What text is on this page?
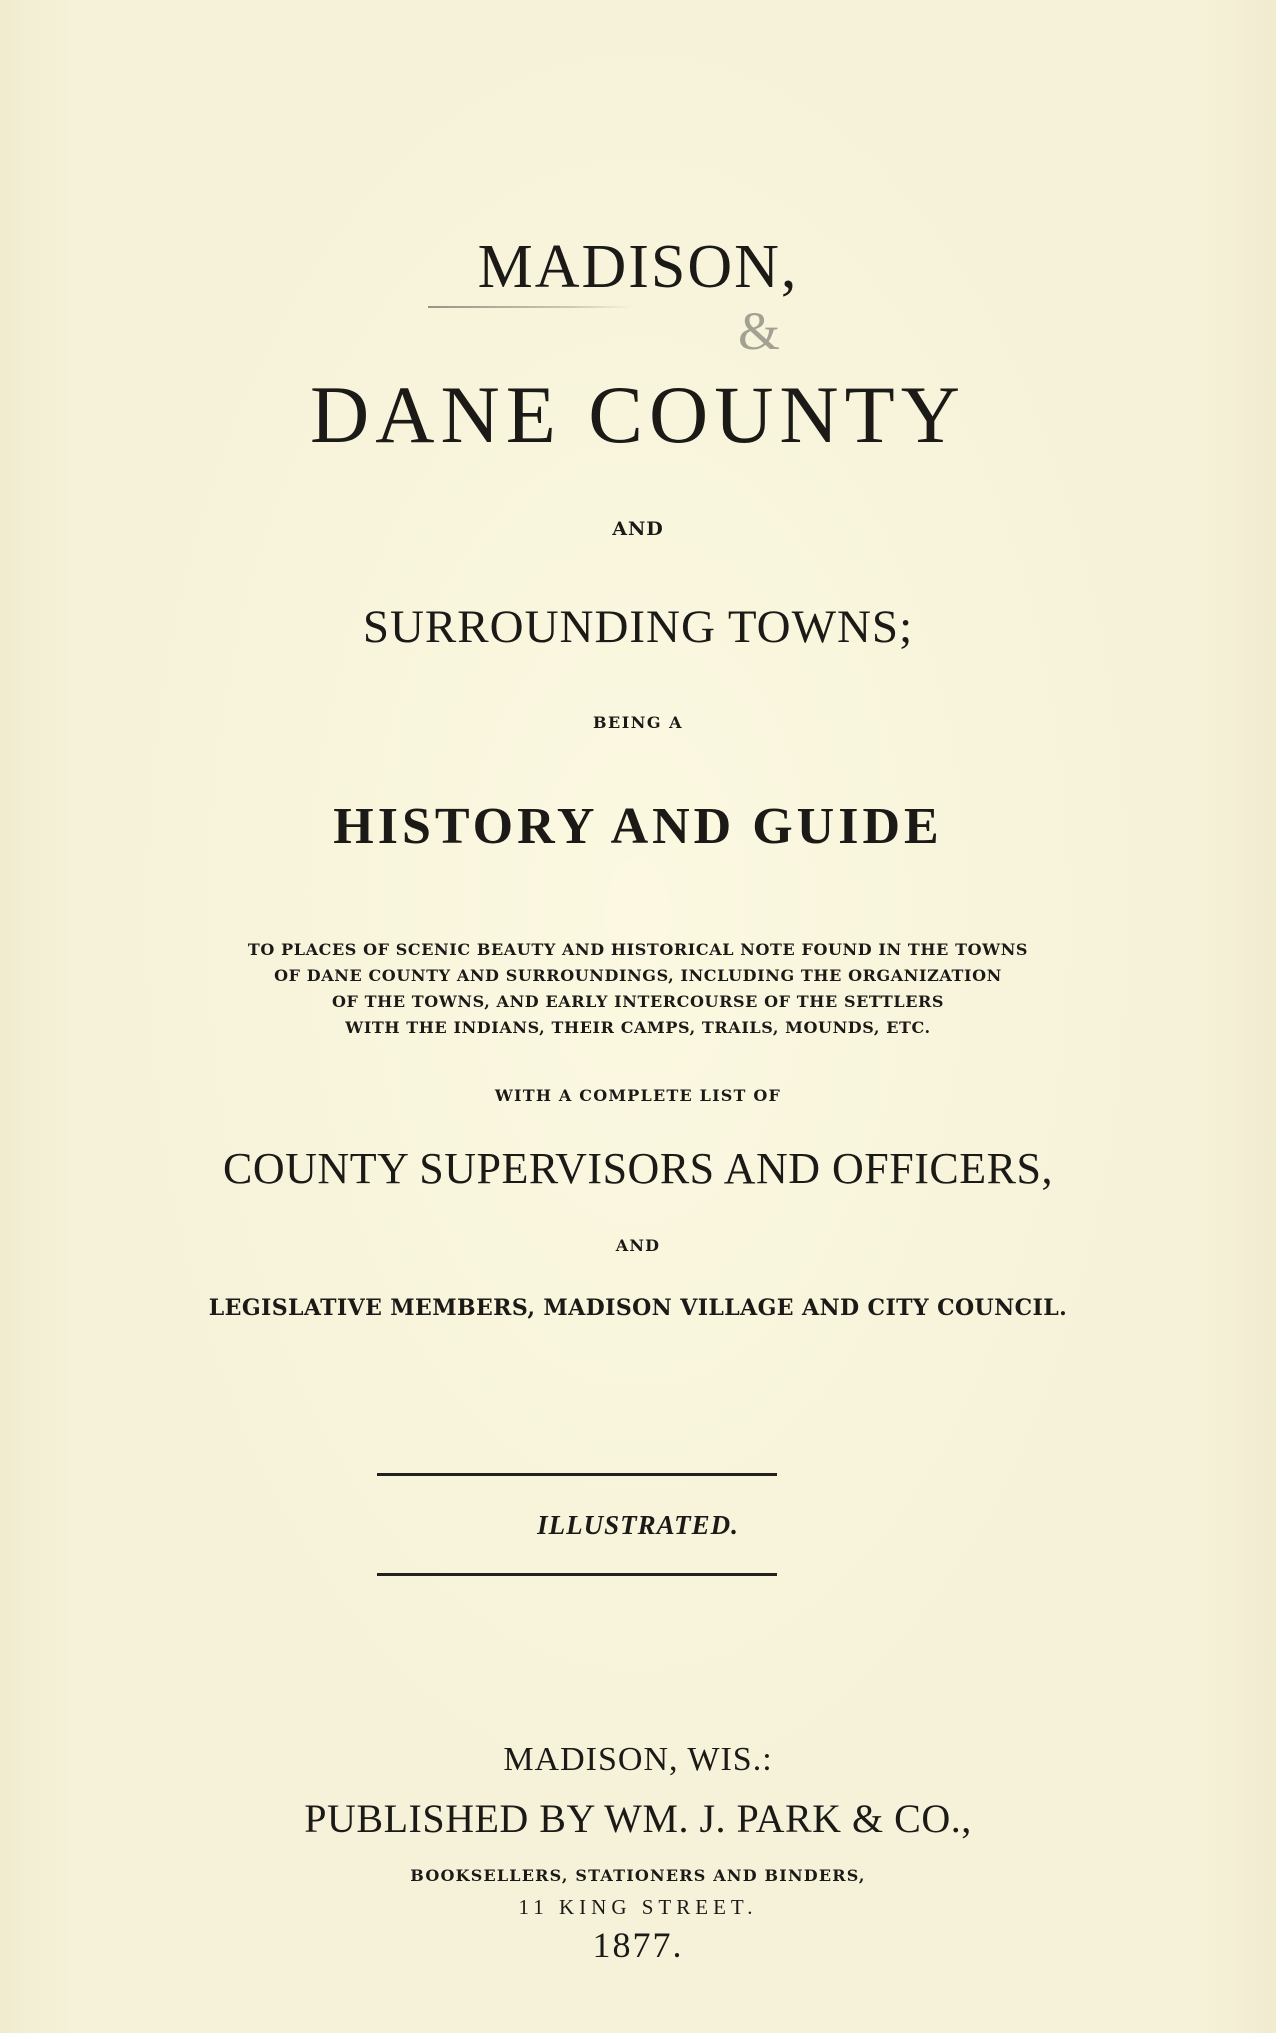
MADISON,
&
DANE COUNTY
AND
SURROUNDING TOWNS;
BEING A
HISTORY AND GUIDE
TO PLACES OF SCENIC BEAUTY AND HISTORICAL NOTE FOUND IN THE TOWNS
OF DANE COUNTY AND SURROUNDINGS, INCLUDING THE ORGANIZATION
OF THE TOWNS, AND EARLY INTERCOURSE OF THE SETTLERS
WITH THE INDIANS, THEIR CAMPS, TRAILS, MOUNDS, ETC.
WITH A COMPLETE LIST OF
COUNTY SUPERVISORS AND OFFICERS,
AND
LEGISLATIVE MEMBERS, MADISON VILLAGE AND CITY COUNCIL.
ILLUSTRATED.
MADISON, WIS.:
PUBLISHED BY WM. J. PARK & CO.,
BOOKSELLERS, STATIONERS AND BINDERS,
11 KING STREET.
1877.
